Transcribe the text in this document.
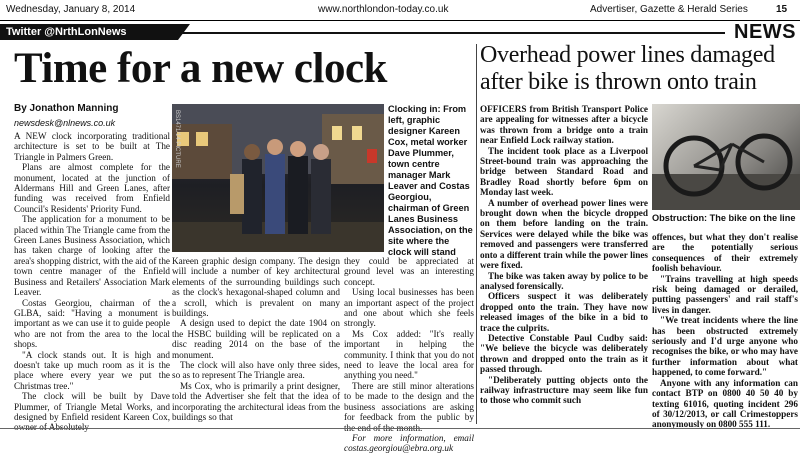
Wednesday, January 8, 2014	www.northlondon-today.co.uk	Advertiser, Gazette & Herald Series	15
Twitter @NrthLonNews	NEWS
Time for a new clock
By Jonathon Manning
newsdesk@nlnews.co.uk

A NEW clock incorporating traditional architecture is set to be built at The Triangle in Palmers Green.

Plans are almost complete for the monument, located at the junction of Aldermans Hill and Green Lanes, after funding was received from Enfield Council's Residents' Priority Fund.

The application for a monument to be placed within The Triangle came from the Green Lanes Business Association, which has taken charge of looking after the area's shopping district, with the aid of the town centre manager of the Enfield Business and Retailers' Association Mark Leaver.

Costas Georgiou, chairman of the GLBA, said: "Having a monument is important as we can use it to guide people who are not from the area to the local shops.

"A clock stands out. It is high and doesn't take up much room as it is the place where every year we put the Christmas tree."

The clock will be built by Dave Plummer, of Triangle Metal Works, and designed by Enfield resident Kareen Cox, owner of Absolutely

BS1471/14 PICTURE
Clocking in: From left, graphic designer Kareen Cox, metal worker Dave Plummer, town centre manager Mark Leaver and Costas Georgiou, chairman of Green Lanes Business Association, on the site where the clock will stand

Kareen graphic design company. The design will include a number of key architectural elements of the surrounding buildings such as the clock's hexagonal-shaped column and a scroll, which is prevalent on many buildings.

A design used to depict the date 1904 on the HSBC building will be replicated on a disc reading 2014 on the base of the monument.

The clock will also have only three sides, so as to represent The Triangle area.

Ms Cox, who is primarily a print designer, told the Advertiser she felt that the idea of incorporating the architectural ideas from the buildings so that

they could be appreciated at ground level was an interesting concept.

Using local businesses has been an important aspect of the project and one about which she feels strongly.

Ms Cox added: "It's really important in helping the community. I think that you do not need to leave the local area for anything you need."

There are still minor alterations to be made to the design and the business associations are asking for feedback from the public by the end of the month.

For more information, email costas.georgiou@ebra.org.uk

Overhead power lines damaged after bike is thrown onto train

OFFICERS from British Transport Police are appealing for witnesses after a bicycle was thrown from a bridge onto a train near Enfield Lock railway station.

The incident took place as a Liverpool Street-bound train was approaching the bridge between Standard Road and Bradley Road shortly before 6pm on Monday last week.

A number of overhead power lines were brought down when the bicycle dropped on them before landing on the train. Services were delayed while the bike was removed and passengers were transferred onto a different train while the power lines were fixed.

The bike was taken away by police to be analysed forensically.

Officers suspect it was deliberately dropped onto the train. They have now released images of the bike in a bid to trace the culprits.

Detective Constable Paul Cudby said: "We believe the bicycle was deliberately thrown and dropped onto the train as it passed through.

"Deliberately putting objects onto the railway infrastructure may seem like fun to those who commit such

Obstruction: The bike on the line

offences, but what they don't realise are the potentially serious consequences of their extremely foolish behaviour.

"Trains travelling at high speeds risk being damaged or derailed, putting passengers' and rail staff's lives in danger.

"We treat incidents where the line has been obstructed extremely seriously and I'd urge anyone who recognises the bike, or who may have further information about what happened, to come forward."

Anyone with any information can contact BTP on 0800 40 50 40 by texting 61016, quoting incident 296 of 30/12/2013, or call Crimestoppers anonymously on 0800 555 111.
